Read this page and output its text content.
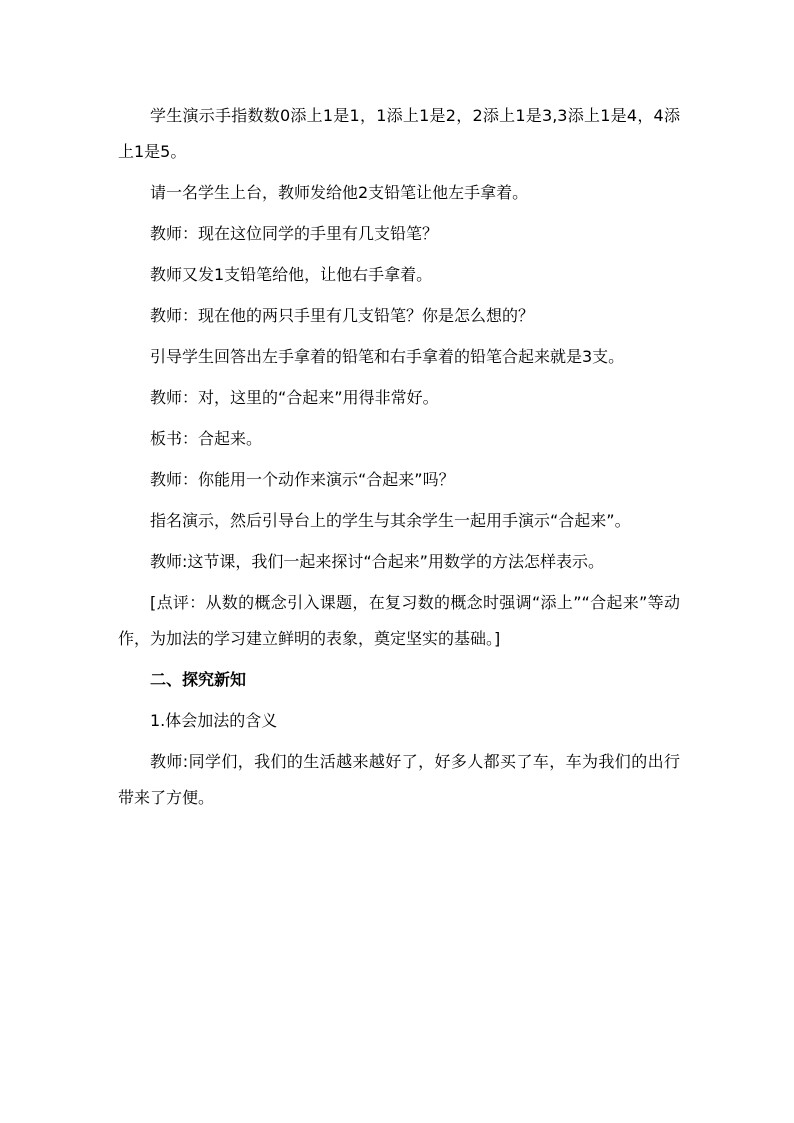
学生演示手指数数0添上1是1，1添上1是2，2添上1是3,3添上1是4，4添上1是5。

请一名学生上台，教师发给他2支铅笔让他左手拿着。

教师：现在这位同学的手里有几支铅笔？

教师又发1支铅笔给他，让他右手拿着。

教师：现在他的两只手里有几支铅笔？你是怎么想的？

引导学生回答出左手拿着的铅笔和右手拿着的铅笔合起来就是3支。

教师：对，这里的“合起来”用得非常好。

板书：合起来。

教师：你能用一个动作来演示“合起来”吗？

指名演示，然后引导台上的学生与其余学生一起用手演示“合起来”。

教师:这节课，我们一起来探讨“合起来”用数学的方法怎样表示。

[点评：从数的概念引入课题，在复习数的概念时强调“添上”“合起来”等动作，为加法的学习建立鲜明的表象，奠定坚实的基础。]

二、探究新知

1.体会加法的含义

教师:同学们，我们的生活越来越好了，好多人都买了车，车为我们的出行带来了方便。
